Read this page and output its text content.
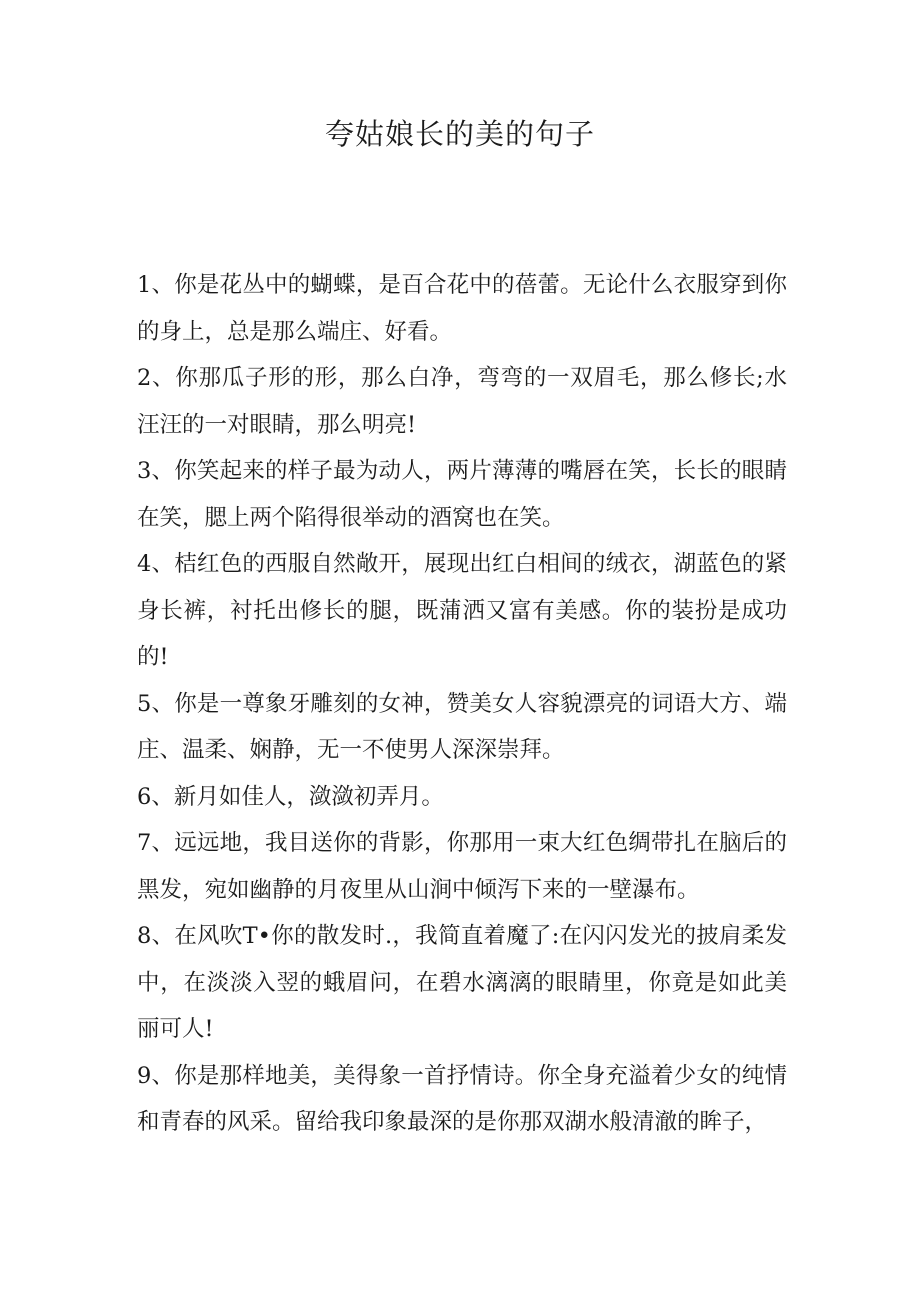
夸姑娘长的美的句子

1、你是花丛中的蝴蝶，是百合花中的蓓蕾。无论什么衣服穿到你的身上，总是那么端庄、好看。

2、你那瓜子形的形，那么白净，弯弯的一双眉毛，那么修长;水汪汪的一对眼睛，那么明亮!

3、你笑起来的样子最为动人，两片薄薄的嘴唇在笑，长长的眼睛在笑，腮上两个陷得很举动的酒窝也在笑。

4、桔红色的西服自然敞开，展现出红白相间的绒衣，湖蓝色的紧身长裤，衬托出修长的腿，既蒲洒又富有美感。你的装扮是成功的!

5、你是一尊象牙雕刻的女神，赞美女人容貌漂亮的词语大方、端庄、温柔、娴静，无一不使男人深深崇拜。

6、新月如佳人，潋潋初弄月。

7、远远地，我目送你的背影，你那用一束大红色绸带扎在脑后的黑发，宛如幽静的月夜里从山涧中倾泻下来的一壁瀑布。

8、在风吹T•你的散发时.，我简直着魔了:在闪闪发光的披肩柔发中，在淡淡入翌的蛾眉问，在碧水漓漓的眼睛里，你竟是如此美丽可人!

9、你是那样地美，美得象一首抒情诗。你全身充溢着少女的纯情和青春的风采。留给我印象最深的是你那双湖水般清澈的眸子，
